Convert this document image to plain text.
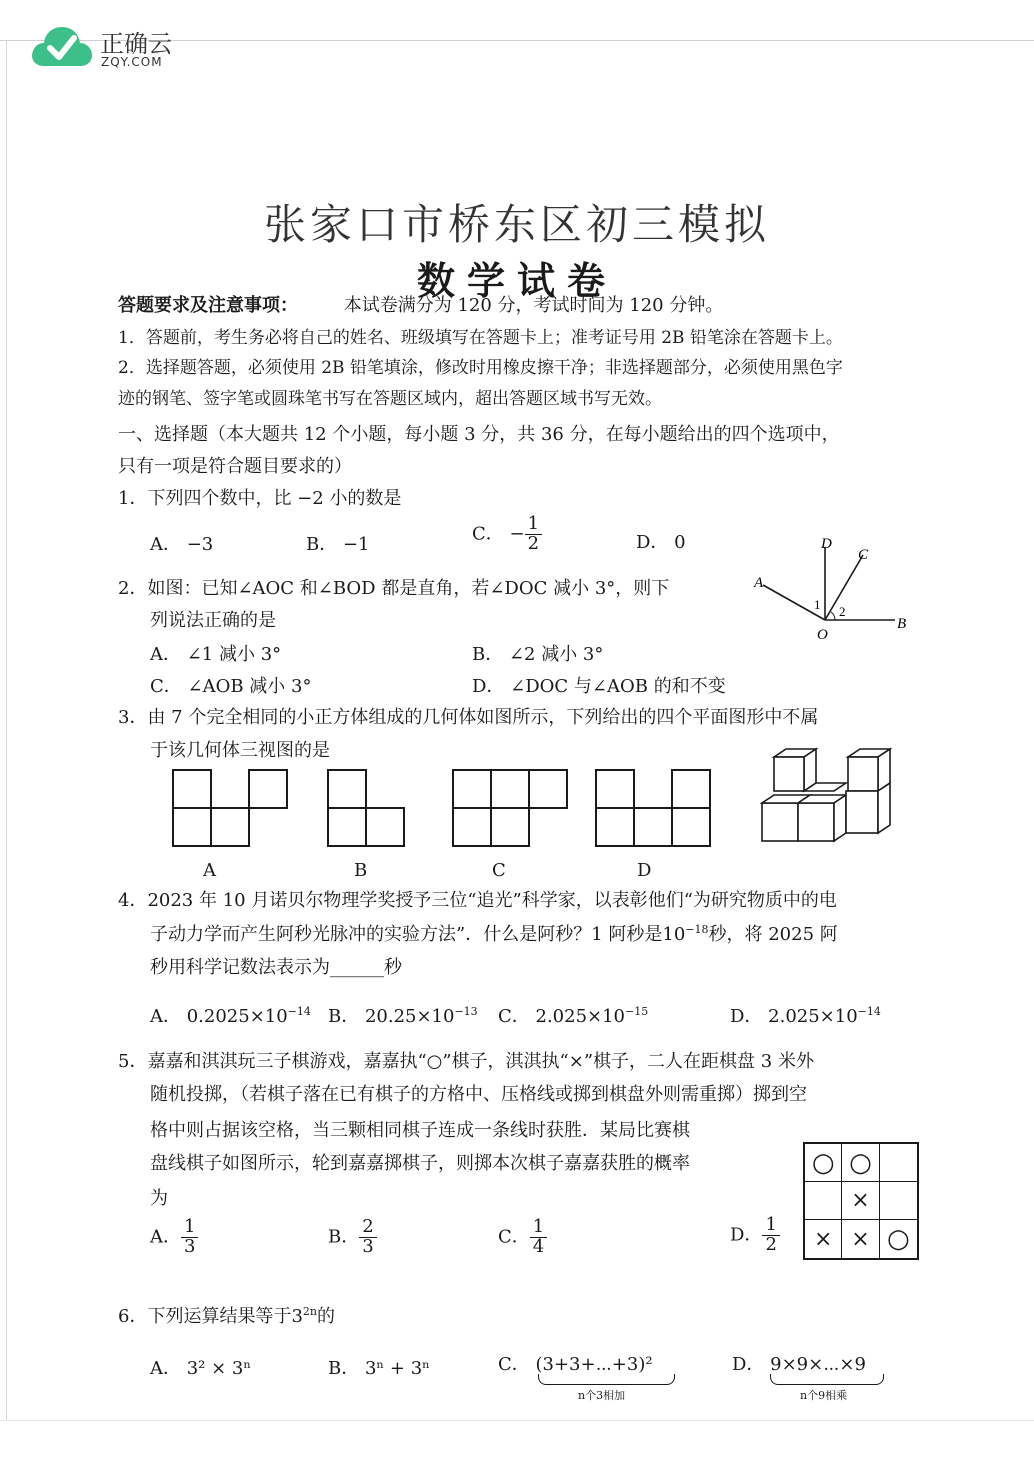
正确云
ZQY.COM
张家口市桥东区初三模拟
数学试卷
答题要求及注意事项：	本试卷满分为 120 分，考试时间为 120 分钟。
1．答题前，考生务必将自己的姓名、班级填写在答题卡上；准考证号用 2B 铅笔涂在答题卡上。
2．选择题答题，必须使用 2B 铅笔填涂，修改时用橡皮擦干净；非选择题部分，必须使用黑色字
迹的钢笔、签字笔或圆珠笔书写在答题区域内，超出答题区域书写无效。
一、选择题（本大题共 12 个小题，每小题 3 分，共 36 分，在每小题给出的四个选项中，
只有一项是符合题目要求的）
1．下列四个数中，比 −2 小的数是
A． −3	B． −1
C． − $\frac{1}{2}$	D． 0
2．如图：已知∠AOC 和∠BOD 都是直角，若∠DOC 减小 3°，则下
列说法正确的是
A． ∠1 减小 3°	B． ∠2 减小 3°
C． ∠AOB 减小 3°	D． ∠DOC 与∠AOB 的和不变
D
C
A
O
B
1 2
3．由 7 个完全相同的小正方体组成的几何体如图所示，下列给出的四个平面图形中不属
于该几何体三视图的是
A	B	C	D
4．2023 年 10 月诺贝尔物理学奖授予三位“追光”科学家，以表彰他们“为研究物质中的电
子动力学而产生阿秒光脉冲的实验方法”．什么是阿秒？1 阿秒是$10^{-18}$秒，将 2025 阿
秒用科学记数法表示为______秒
A． $0.2025\times 10^{-14}$ B． $20.25\times 10^{-13}$ C． $2.025\times 10^{-15}$	D． $2.025\times 10^{-14}$
5．嘉嘉和淇淇玩三子棋游戏，嘉嘉执“○”棋子，淇淇执“×”棋子，二人在距棋盘 3 米外
随机投掷，（若棋子落在已有棋子的方格中、压格线或掷到棋盘外则需重掷）掷到空
格中则占据该空格，当三颗相同棋子连成一条线时获胜．某局比赛棋
盘线棋子如图所示，轮到嘉嘉掷棋子，则掷本次棋子嘉嘉获胜的概率
为
A． $\frac{1}{3}$	B． $\frac{2}{3}$	C． $\frac{1}{4}$	D． $\frac{1}{2}$
○ ○
×
× × ○
6．下列运算结果等于$3^{2n}$的
A． 3² × 3ⁿ	B． 3ⁿ + 3ⁿ	C． (3+3+⋯+3)²
n个3相加
D． 9×9×⋯×9
n个9相乘
